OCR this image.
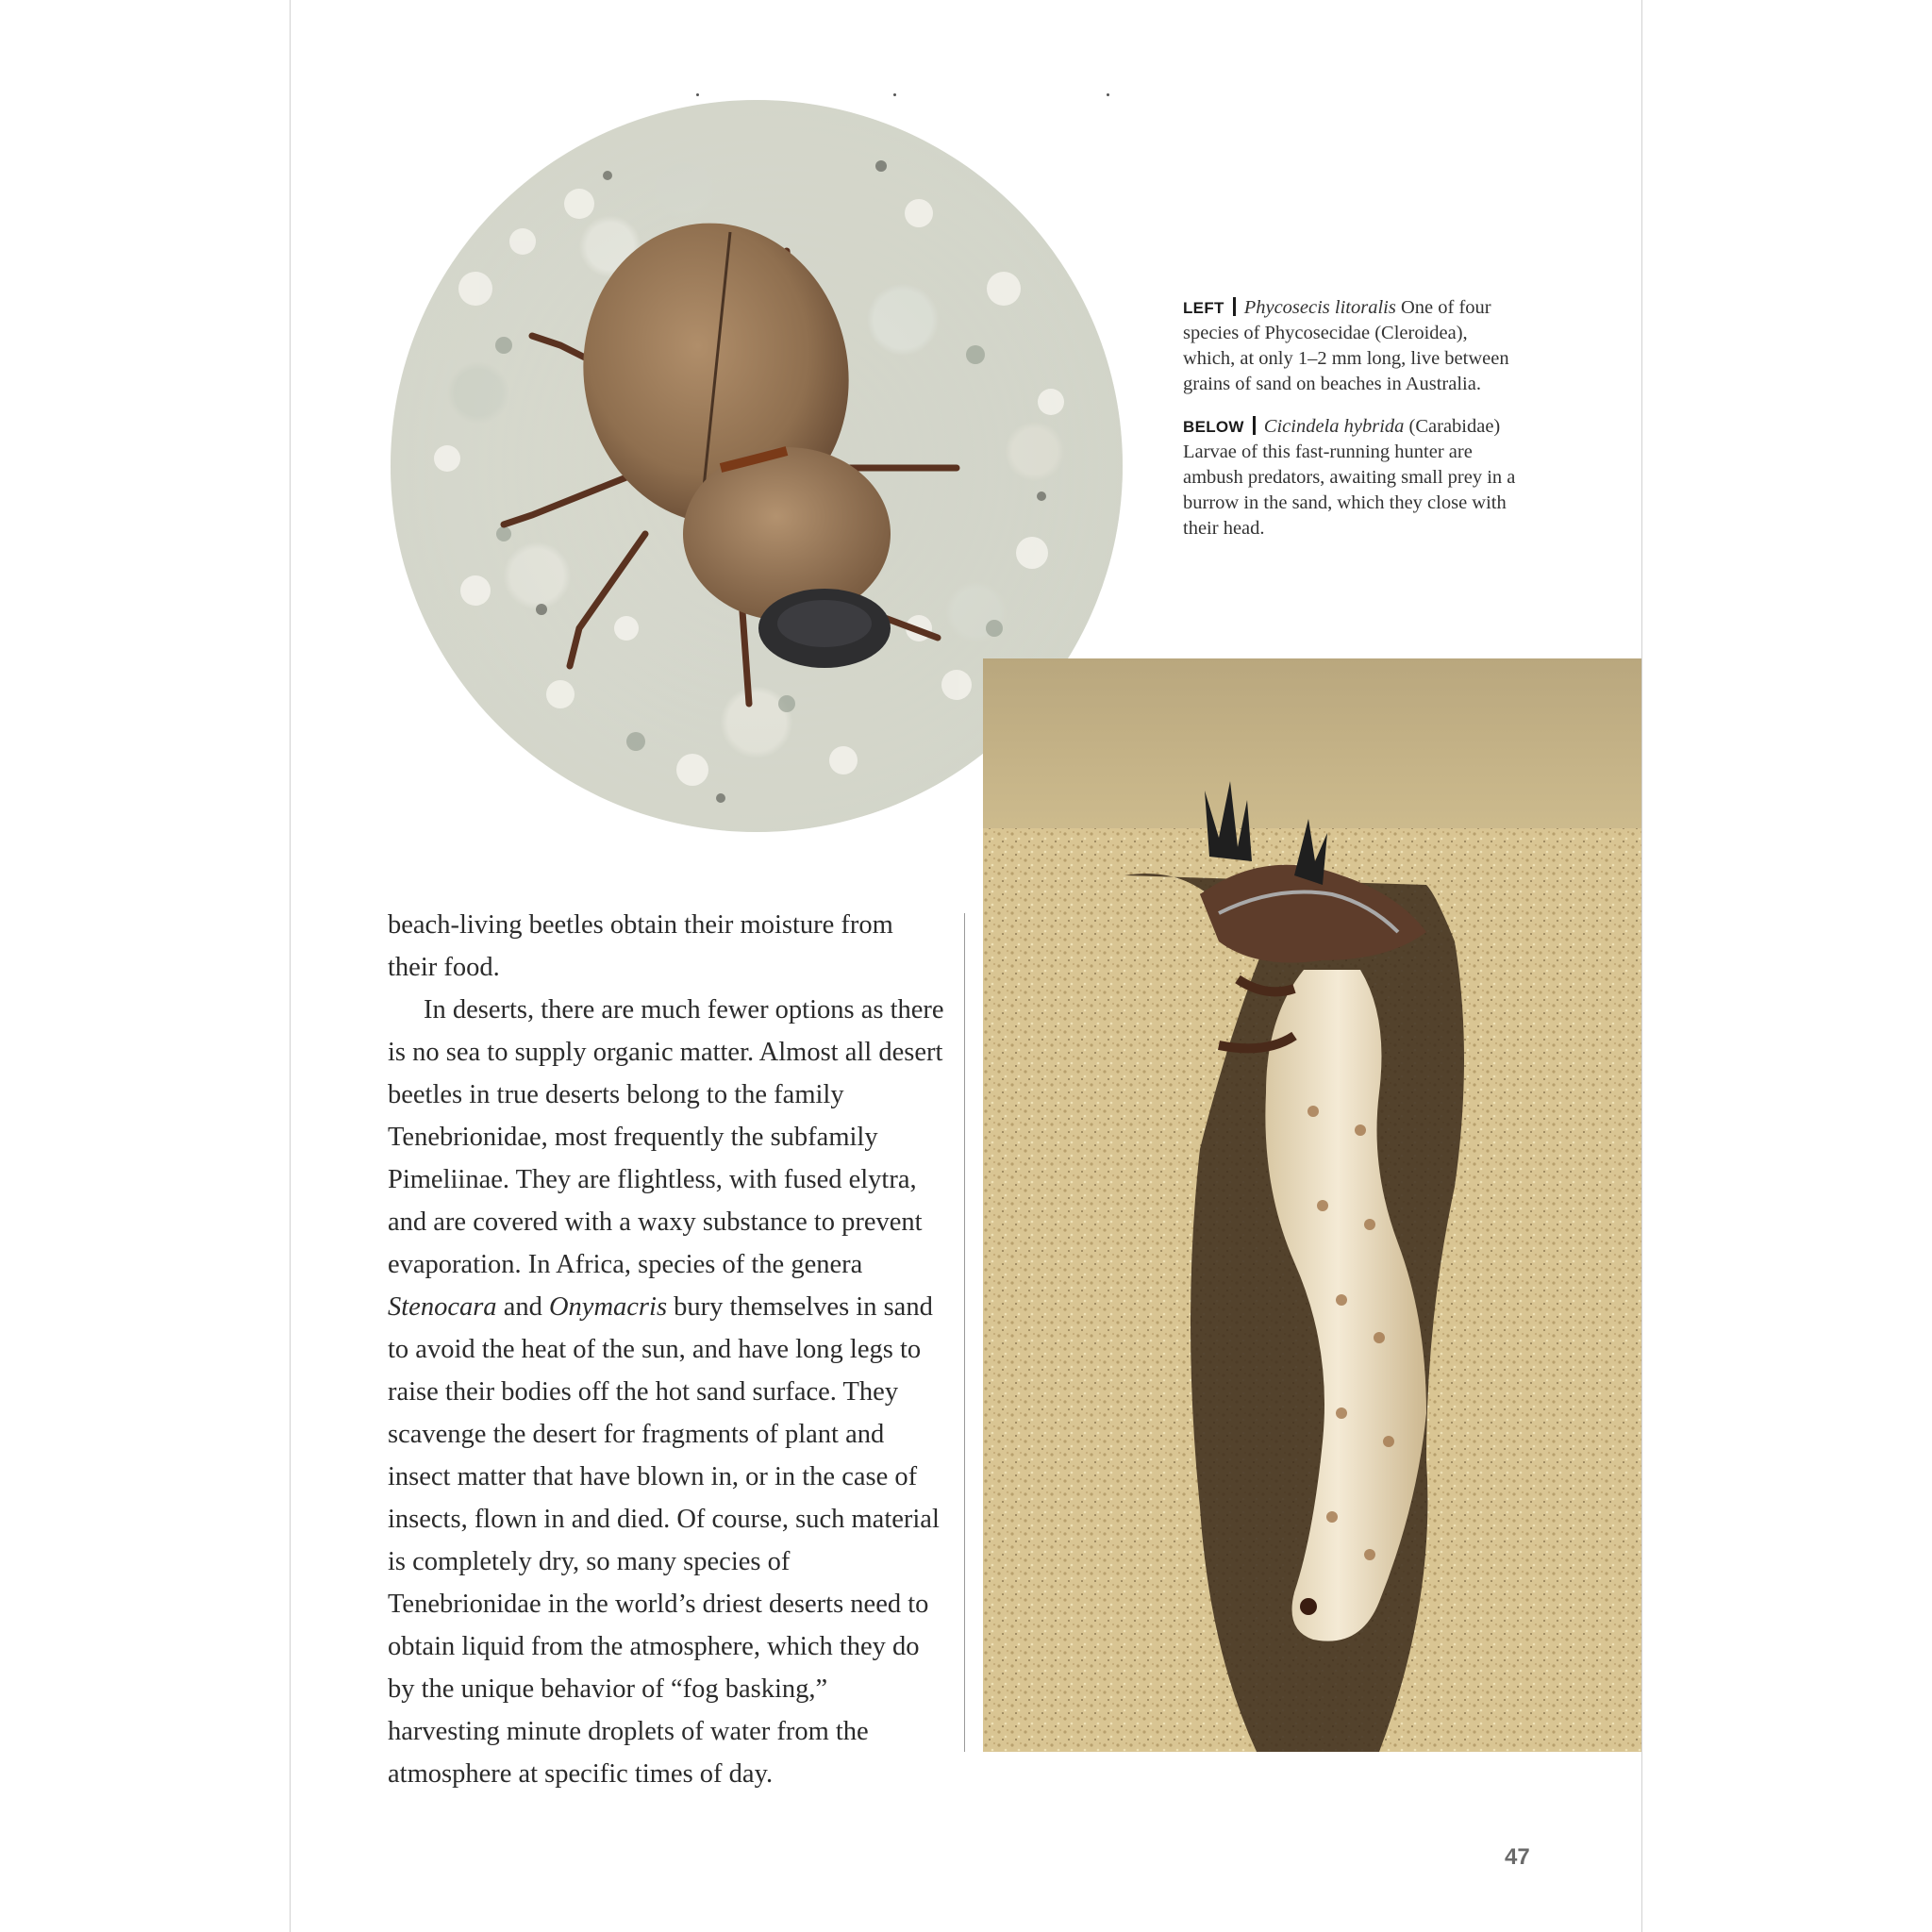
LEFT Phycosecis litoralis One of four species of Phycosecidae (Cleroidea), which, at only 1–2 mm long, live between grains of sand on beaches in Australia.

BELOW Cicindela hybrida (Carabidae) Larvae of this fast-running hunter are ambush predators, awaiting small prey in a burrow in the sand, which they close with their head.

beach-living beetles obtain their moisture from their food.

In deserts, there are much fewer options as there is no sea to supply organic matter. Almost all desert beetles in true deserts belong to the family Tenebrionidae, most frequently the subfamily Pimeliinae. They are flightless, with fused elytra, and are covered with a waxy substance to prevent evaporation. In Africa, species of the genera Stenocara and Onymacris bury themselves in sand to avoid the heat of the sun, and have long legs to raise their bodies off the hot sand surface. They scavenge the desert for fragments of plant and insect matter that have blown in, or in the case of insects, flown in and died. Of course, such material is completely dry, so many species of Tenebrionidae in the world’s driest deserts need to obtain liquid from the atmosphere, which they do by the unique behavior of “fog basking,” harvesting minute droplets of water from the atmosphere at specific times of day.

47
